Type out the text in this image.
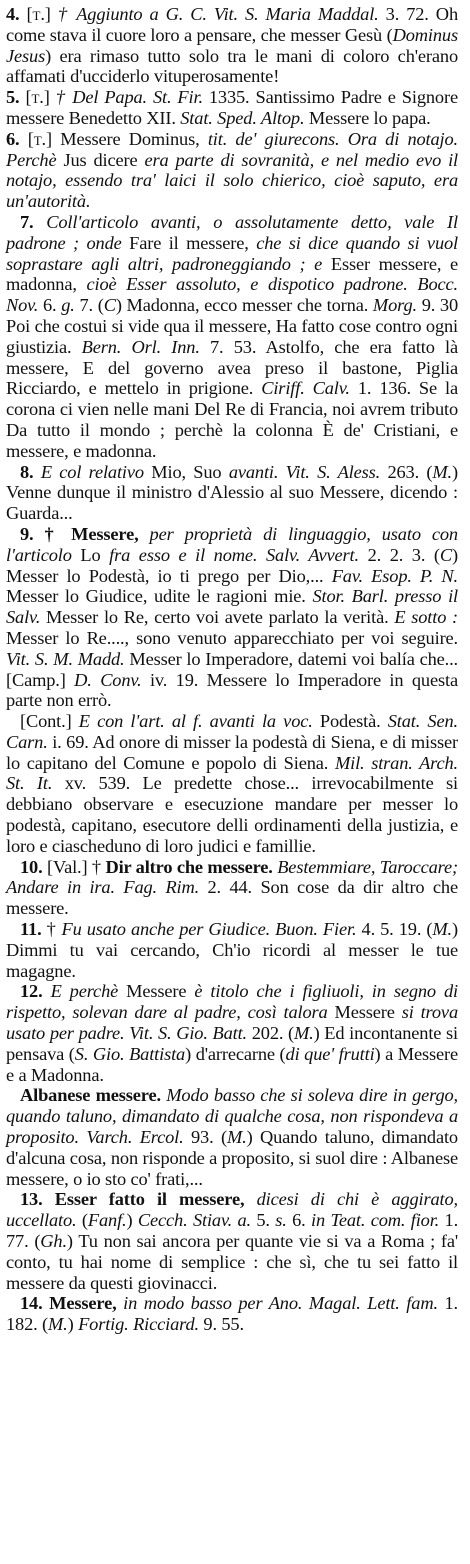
4. [t.] † Aggiunto a G. C. Vit. S. Maria Maddal. 3. 72. Oh come stava il cuore loro a pensare, che messer Gesù (Dominus Jesus) era rimaso tutto solo tra le mani di coloro ch'erano affamati d'ucciderlo vituperosamente!

5. [t.] † Del Papa. St. Fir. 1335. Santissimo Padre e Signore messere Benedetto XII. Stat. Sped. Altop. Messere lo papa.

6. [t.] Messere Dominus, tit. de' giurecons. Ora di notajo. Perchè Jus dicere era parte di sovranità, e nel medio evo il notajo, essendo tra' laici il solo chierico, cioè saputo, era un'autorità.

7. Coll'articolo avanti, o assolutamente detto, vale Il padrone ; onde Fare il messere, che si dice quando si vuol soprastare agli altri, padroneggiando ; e Esser messere, e madonna, cioè Esser assoluto, e dispotico padrone. Bocc. Nov. 6. g. 7. (C) Madonna, ecco messer che torna. Morg. 9. 30 Poi che costui si vide qua il messere, Ha fatto cose contro ogni giustizia. Bern. Orl. Inn. 7. 53. Astolfo, che era fatto là messere, E del governo avea preso il bastone, Piglia Ricciardo, e mettelo in prigione. Ciriff. Calv. 1. 136. Se la corona ci vien nelle mani Del Re di Francia, noi avrem tributo Da tutto il mondo ; perchè la colonna È de' Cristiani, e messere, e madonna.

8. E col relativo Mio, Suo avanti. Vit. S. Aless. 263. (M.) Venne dunque il ministro d'Alessio al suo Messere, dicendo : Guarda...

9. † Messere, per proprietà di linguaggio, usato con l'articolo Lo fra esso e il nome. Salv. Avvert. 2. 2. 3. (C) Messer lo Podestà, io ti prego per Dio,... Fav. Esop. P. N. Messer lo Giudice, udite le ragioni mie. Stor. Barl. presso il Salv. Messer lo Re, certo voi avete parlato la verità. E sotto : Messer lo Re...., sono venuto apparecchiato per voi seguire. Vit. S. M. Madd. Messer lo Imperadore, datemi voi balía che... [Camp.] D. Conv. iv. 19. Messere lo Imperadore in questa parte non errò.

[Cont.] E con l'art. al f. avanti la voc. Podestà. Stat. Sen. Carn. i. 69. Ad onore di misser la podestà di Siena, e di misser lo capitano del Comune e popolo di Siena. Mil. stran. Arch. St. It. xv. 539. Le predette chose... irrevocabilmente si debbiano observare e esecuzione mandare per messer lo podestà, capitano, esecutore delli ordinamenti della justizia, e loro e ciascheduno di loro judici e famillie.

10. [Val.] † Dir altro che messere. Bestemmiare, Taroccare; Andare in ira. Fag. Rim. 2. 44. Son cose da dir altro che messere.

11. † Fu usato anche per Giudice. Buon. Fier. 4. 5. 19. (M.) Dimmi tu vai cercando, Ch'io ricordi al messer le tue magagne.

12. E perchè Messere è titolo che i figliuoli, in segno di rispetto, solevan dare al padre, così talora Messere si trova usato per padre. Vit. S. Gio. Batt. 202. (M.) Ed incontanente si pensava (S. Gio. Battista) d'arrecarne (di que' frutti) a Messere e a Madonna.

Albanese messere. Modo basso che si soleva dire in gergo, quando taluno, dimandato di qualche cosa, non rispondeva a proposito. Varch. Ercol. 93. (M.) Quando taluno, dimandato d'alcuna cosa, non risponde a proposito, si suol dire : Albanese messere, o io sto co' frati,...

13. Esser fatto il messere, dicesi di chi è aggirato, uccellato. (Fanf.) Cecch. Stiav. a. 5. s. 6. in Teat. com. fior. 1. 77. (Gh.) Tu non sai ancora per quante vie si va a Roma ; fa' conto, tu hai nome di semplice : che sì, che tu sei fatto il messere da questi giovinacci.

14. Messere, in modo basso per Ano. Magal. Lett. fam. 1. 182. (M.) Fortig. Ricciard. 9. 55.
